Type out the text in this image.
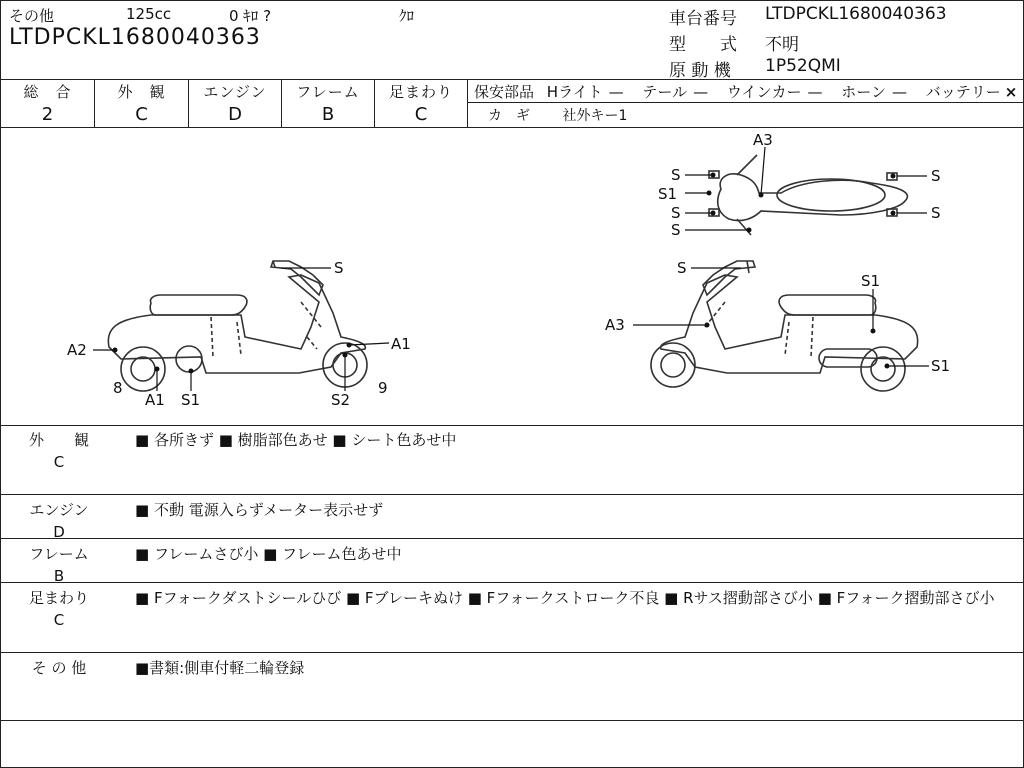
その他	125cc	0 ｷﾛ ?	ｸﾛ
LTDPCKL1680040363
車台番号 LTDPCKL1680040363
型　　式 不明
原 動 機 1P52QMI
総　合
2
外　観
C
エンジン
D
フレーム
B
足まわり
C
保安部品 Hライト — テール — ウインカー — ホーン — バッテリー ×
カ　ギ 社外キー1
S
A1
A2
8
A1 S1	S2
9
A3
S
S1
S
S
S
S
S
S1
A3
S1
外　　観
C
■ 各所きず ■ 樹脂部色あせ ■ シート色あせ中
エンジン
D
■ 不動 電源入らずメーター表示せず
フレーム
B
■ フレームさび小 ■ フレーム色あせ中
足まわり
C
■ Fフォークダストシールひび ■ Fブレーキぬけ ■ Fフォークストローク不良 ■ Rサス摺動部さび小 ■ Fフォーク摺動部さび小
そ の 他	■書類:側車付軽二輪登録
